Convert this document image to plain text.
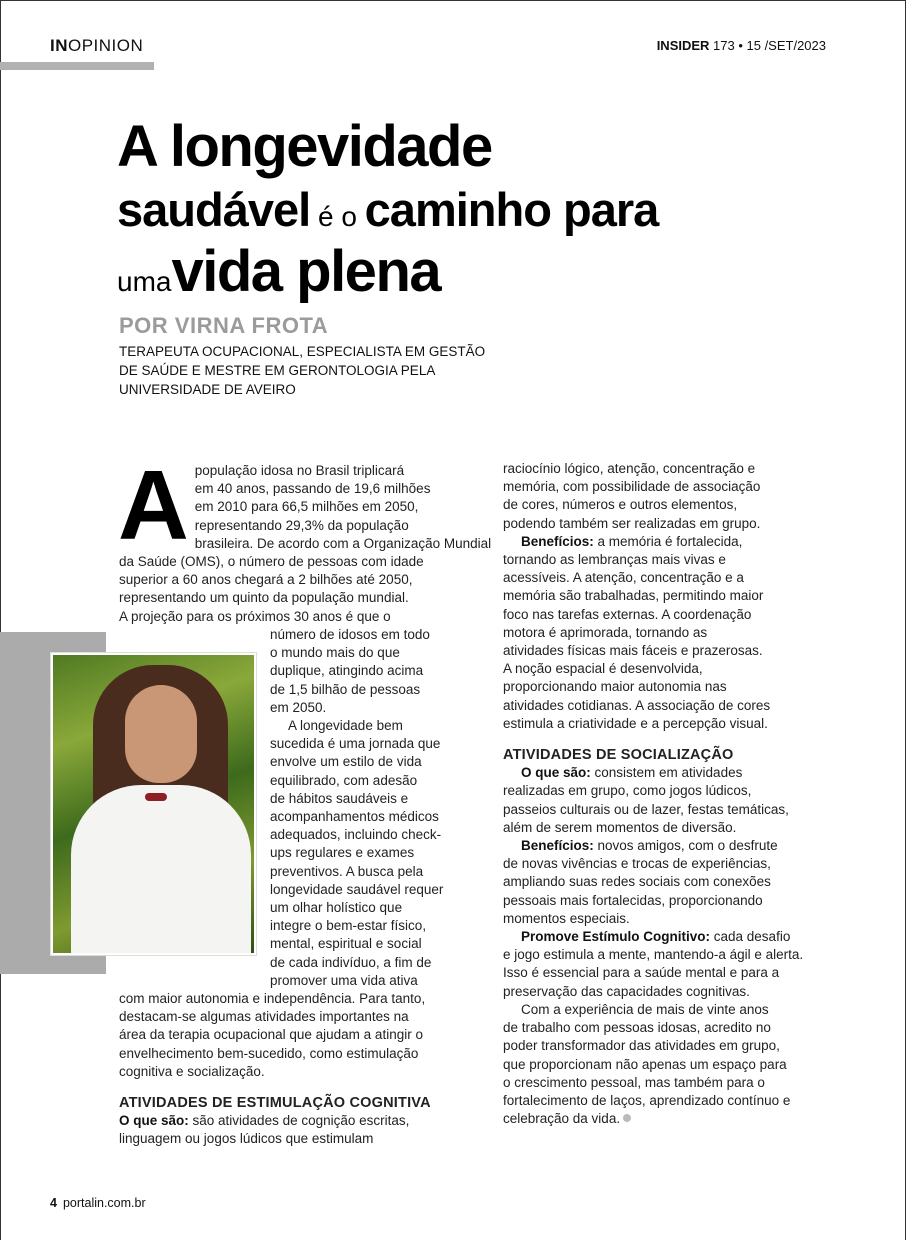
INOPINION	INSIDER 173 • 15 /SET/2023
A longevidade
saudável é o caminho para
umavida plena
POR VIRNA FROTA
TERAPEUTA OCUPACIONAL, ESPECIALISTA EM GESTÃO
DE SAÚDE E MESTRE EM GERONTOLOGIA PELA
UNIVERSIDADE DE AVEIRO
A população idosa no Brasil triplicará
em 40 anos, passando de 19,6 milhões
em 2010 para 66,5 milhões em 2050,
representando 29,3% da população
brasileira. De acordo com a Organização Mundial
da Saúde (OMS), o número de pessoas com idade
superior a 60 anos chegará a 2 bilhões até 2050,
representando um quinto da população mundial.
A projeção para os próximos 30 anos é que o
número de idosos em todo
o mundo mais do que
duplique, atingindo acima
de 1,5 bilhão de pessoas
em 2050.
A longevidade bem
sucedida é uma jornada que
envolve um estilo de vida
equilibrado, com adesão
de hábitos saudáveis e
acompanhamentos médicos
adequados, incluindo check-
ups regulares e exames
preventivos. A busca pela
longevidade saudável requer
um olhar holístico que
integre o bem-estar físico,
mental, espiritual e social
de cada indivíduo, a fim de
promover uma vida ativa
com maior autonomia e independência. Para tanto,
destacam-se algumas atividades importantes na
área da terapia ocupacional que ajudam a atingir o
envelhecimento bem-sucedido, como estimulação
cognitiva e socialização.
ATIVIDADES DE ESTIMULAÇÃO COGNITIVA
O que são: são atividades de cognição escritas,
linguagem ou jogos lúdicos que estimulam
raciocínio lógico, atenção, concentração e
memória, com possibilidade de associação
de cores, números e outros elementos,
podendo também ser realizadas em grupo.
Benefícios: a memória é fortalecida,
tornando as lembranças mais vivas e
acessíveis. A atenção, concentração e a
memória são trabalhadas, permitindo maior
foco nas tarefas externas. A coordenação
motora é aprimorada, tornando as
atividades físicas mais fáceis e prazerosas.
A noção espacial é desenvolvida,
proporcionando maior autonomia nas
atividades cotidianas. A associação de cores
estimula a criatividade e a percepção visual.
ATIVIDADES DE SOCIALIZAÇÃO
O que são: consistem em atividades
realizadas em grupo, como jogos lúdicos,
passeios culturais ou de lazer, festas temáticas,
além de serem momentos de diversão.
Benefícios: novos amigos, com o desfrute
de novas vivências e trocas de experiências,
ampliando suas redes sociais com conexões
pessoais mais fortalecidas, proporcionando
momentos especiais.
Promove Estímulo Cognitivo: cada desafio
e jogo estimula a mente, mantendo-a ágil e alerta.
Isso é essencial para a saúde mental e para a
preservação das capacidades cognitivas.
Com a experiência de mais de vinte anos
de trabalho com pessoas idosas, acredito no
poder transformador das atividades em grupo,
que proporcionam não apenas um espaço para
o crescimento pessoal, mas também para o
fortalecimento de laços, aprendizado contínuo e
celebração da vida.
4 portalin.com.br
